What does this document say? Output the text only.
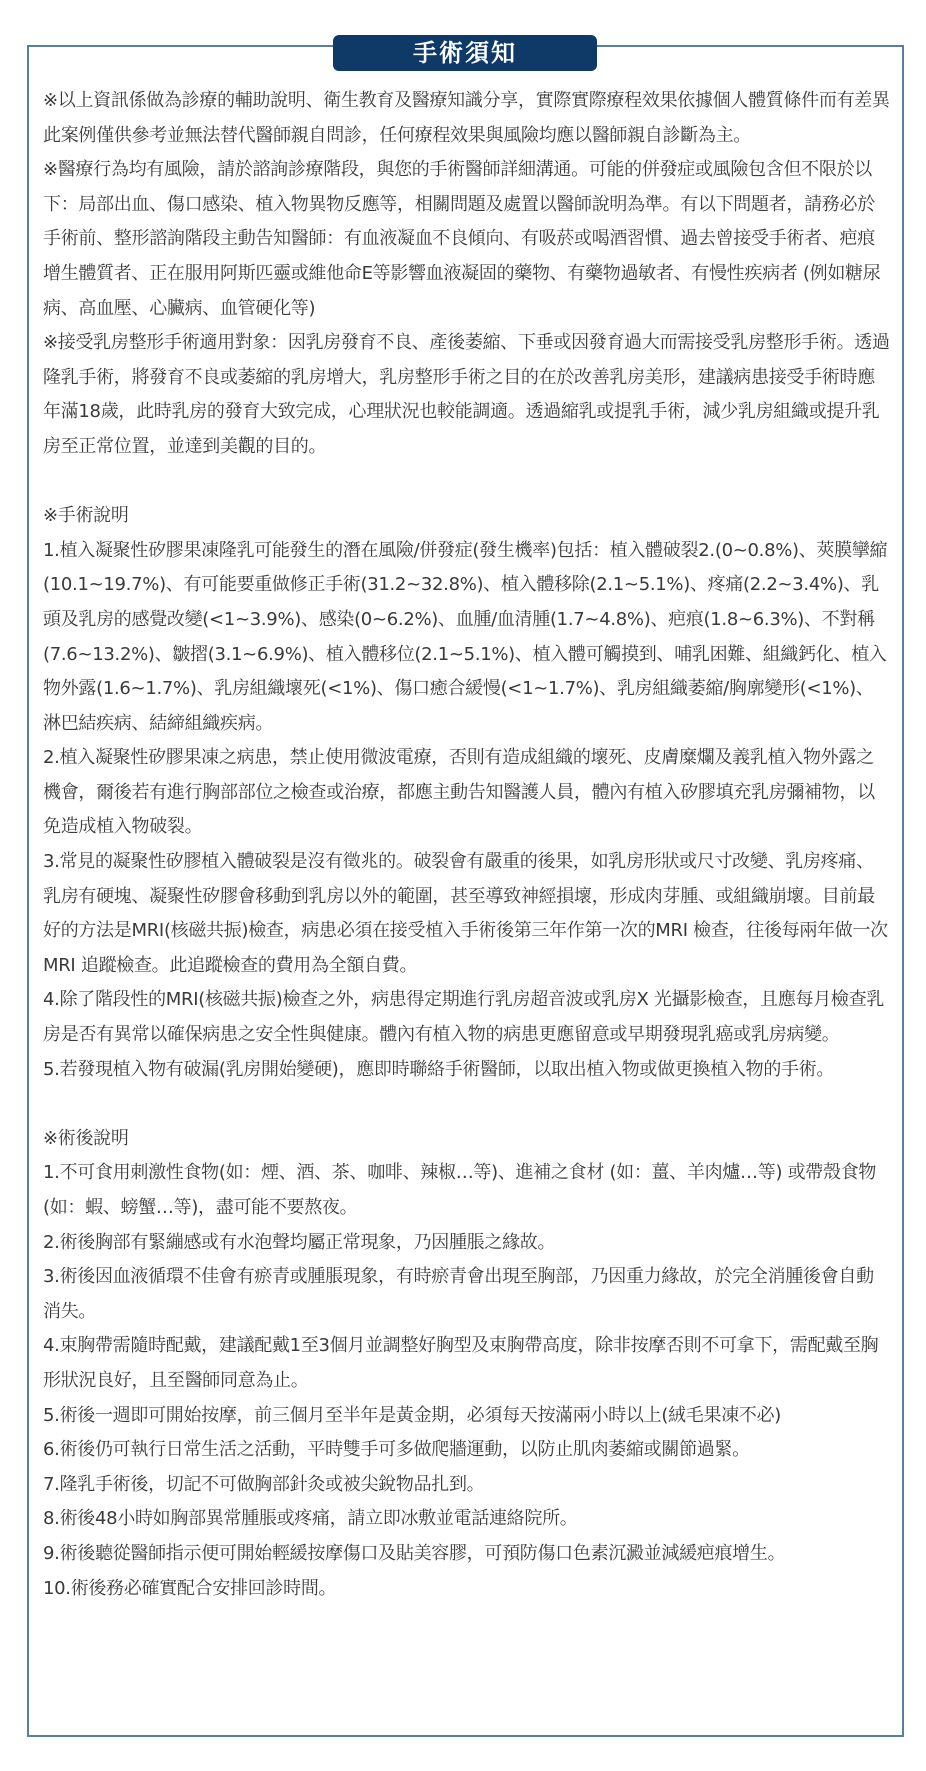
手術須知

※以上資訊係做為診療的輔助說明、衛生教育及醫療知識分享，實際實際療程效果依據個人體質條件而有差異此案例僅供參考並無法替代醫師親自問診，任何療程效果與風險均應以醫師親自診斷為主。

※醫療行為均有風險，請於諮詢診療階段，與您的手術醫師詳細溝通。可能的併發症或風險包含但不限於以下：局部出血、傷口感染、植入物異物反應等，相關問題及處置以醫師說明為準。有以下問題者，請務必於手術前、整形諮詢階段主動告知醫師：有血液凝血不良傾向、有吸菸或喝酒習慣、過去曾接受手術者、疤痕增生體質者、正在服用阿斯匹靈或維他命E等影響血液凝固的藥物、有藥物過敏者、有慢性疾病者 (例如糖尿病、高血壓、心臟病、血管硬化等)

※接受乳房整形手術適用對象：因乳房發育不良、產後萎縮、下垂或因發育過大而需接受乳房整形手術。透過隆乳手術，將發育不良或萎縮的乳房增大，乳房整形手術之目的在於改善乳房美形，建議病患接受手術時應年滿18歲，此時乳房的發育大致完成，心理狀況也較能調適。透過縮乳或提乳手術，減少乳房組織或提升乳房至正常位置，並達到美觀的目的。

※手術說明

1.植入凝聚性矽膠果凍隆乳可能發生的潛在風險/併發症(發生機率)包括：植入體破裂2.(0~0.8%)、莢膜攣縮(10.1~19.7%)、有可能要重做修正手術(31.2~32.8%)、植入體移除(2.1~5.1%)、疼痛(2.2~3.4%)、乳頭及乳房的感覺改變(<1~3.9%)、感染(0~6.2%)、血腫/血清腫(1.7~4.8%)、疤痕(1.8~6.3%)、不對稱(7.6~13.2%)、皺摺(3.1~6.9%)、植入體移位(2.1~5.1%)、植入體可觸摸到、哺乳困難、組織鈣化、植入物外露(1.6~1.7%)、乳房組織壞死(<1%)、傷口癒合緩慢(<1~1.7%)、乳房組織萎縮/胸廓變形(<1%)、淋巴結疾病、結締組織疾病。

2.植入凝聚性矽膠果凍之病患，禁止使用微波電療，否則有造成組織的壞死、皮膚糜爛及義乳植入物外露之機會，爾後若有進行胸部部位之檢查或治療，都應主動告知醫護人員，體內有植入矽膠填充乳房彌補物，以免造成植入物破裂。

3.常見的凝聚性矽膠植入體破裂是沒有徵兆的。破裂會有嚴重的後果，如乳房形狀或尺寸改變、乳房疼痛、乳房有硬塊、凝聚性矽膠會移動到乳房以外的範圍，甚至導致神經損壞，形成肉芽腫、或組織崩壞。目前最好的方法是MRI(核磁共振)檢查，病患必須在接受植入手術後第三年作第一次的MRI 檢查，往後每兩年做一次MRI 追蹤檢查。此追蹤檢查的費用為全額自費。

4.除了階段性的MRI(核磁共振)檢查之外，病患得定期進行乳房超音波或乳房X 光攝影檢查，且應每月檢查乳房是否有異常以確保病患之安全性與健康。體內有植入物的病患更應留意或早期發現乳癌或乳房病變。

5.若發現植入物有破漏(乳房開始變硬)，應即時聯絡手術醫師，以取出植入物或做更換植入物的手術。

※術後說明

1.不可食用刺激性食物(如：煙、酒、茶、咖啡、辣椒…等)、進補之食材 (如：薑、羊肉爐…等) 或帶殼食物(如：蝦、螃蟹…等)，盡可能不要熬夜。

2.術後胸部有緊繃感或有水泡聲均屬正常現象，乃因腫脹之緣故。

3.術後因血液循環不佳會有瘀青或腫脹現象，有時瘀青會出現至胸部，乃因重力緣故，於完全消腫後會自動消失。

4.束胸帶需隨時配戴，建議配戴1至3個月並調整好胸型及束胸帶高度，除非按摩否則不可拿下，需配戴至胸形狀況良好，且至醫師同意為止。

5.術後一週即可開始按摩，前三個月至半年是黃金期，必須每天按滿兩小時以上(絨毛果凍不必)

6.術後仍可執行日常生活之活動，平時雙手可多做爬牆運動，以防止肌肉萎縮或關節過緊。

7.隆乳手術後，切記不可做胸部針灸或被尖銳物品扎到。

8.術後48小時如胸部異常腫脹或疼痛，請立即冰敷並電話連絡院所。

9.術後聽從醫師指示便可開始輕緩按摩傷口及貼美容膠，可預防傷口色素沉澱並減緩疤痕增生。

10.術後務必確實配合安排回診時間。
